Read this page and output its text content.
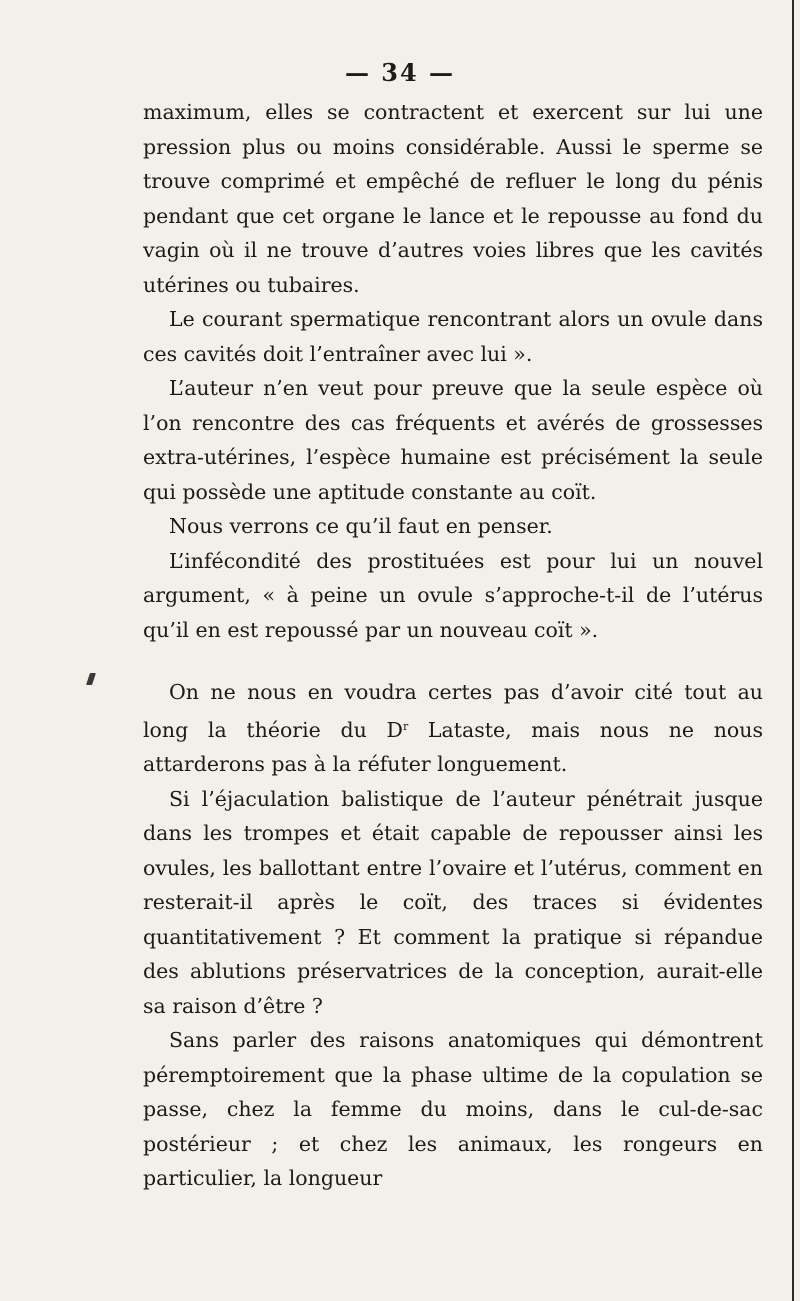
— 34 —

maximum, elles se contractent et exercent sur lui une pression plus ou moins considérable. Aussi le sperme se trouve comprimé et empêché de refluer le long du pénis pendant que cet organe le lance et le repousse au fond du vagin où il ne trouve d’autres voies libres que les cavités utérines ou tubaires.

Le courant spermatique rencontrant alors un ovule dans ces cavités doit l’entraîner avec lui ».

L’auteur n’en veut pour preuve que la seule espèce où l’on rencontre des cas fréquents et avérés de grossesses extra-utérines, l’espèce humaine est précisément la seule qui possède une aptitude constante au coït.

Nous verrons ce qu’il faut en penser.

L’infécondité des prostituées est pour lui un nouvel argument, « à peine un ovule s’approche-t-il de l’utérus qu’il en est repoussé par un nouveau coït ».

On ne nous en voudra certes pas d’avoir cité tout au long la théorie du $D^r$ Lataste, mais nous ne nous attarderons pas à la réfuter longuement.

Si l’éjaculation balistique de l’auteur pénétrait jusque dans les trompes et était capable de repousser ainsi les ovules, les ballottant entre l’ovaire et l’utérus, comment en resterait-il après le coït, des traces si évidentes quantitativement ? Et comment la pratique si répandue des ablutions préservatrices de la conception, aurait-elle sa raison d’être ?

Sans parler des raisons anatomiques qui démontrent péremptoirement que la phase ultime de la copulation se passe, chez la femme du moins, dans le cul-de-sac postérieur ; et chez les animaux, les rongeurs en particulier, la longueur
